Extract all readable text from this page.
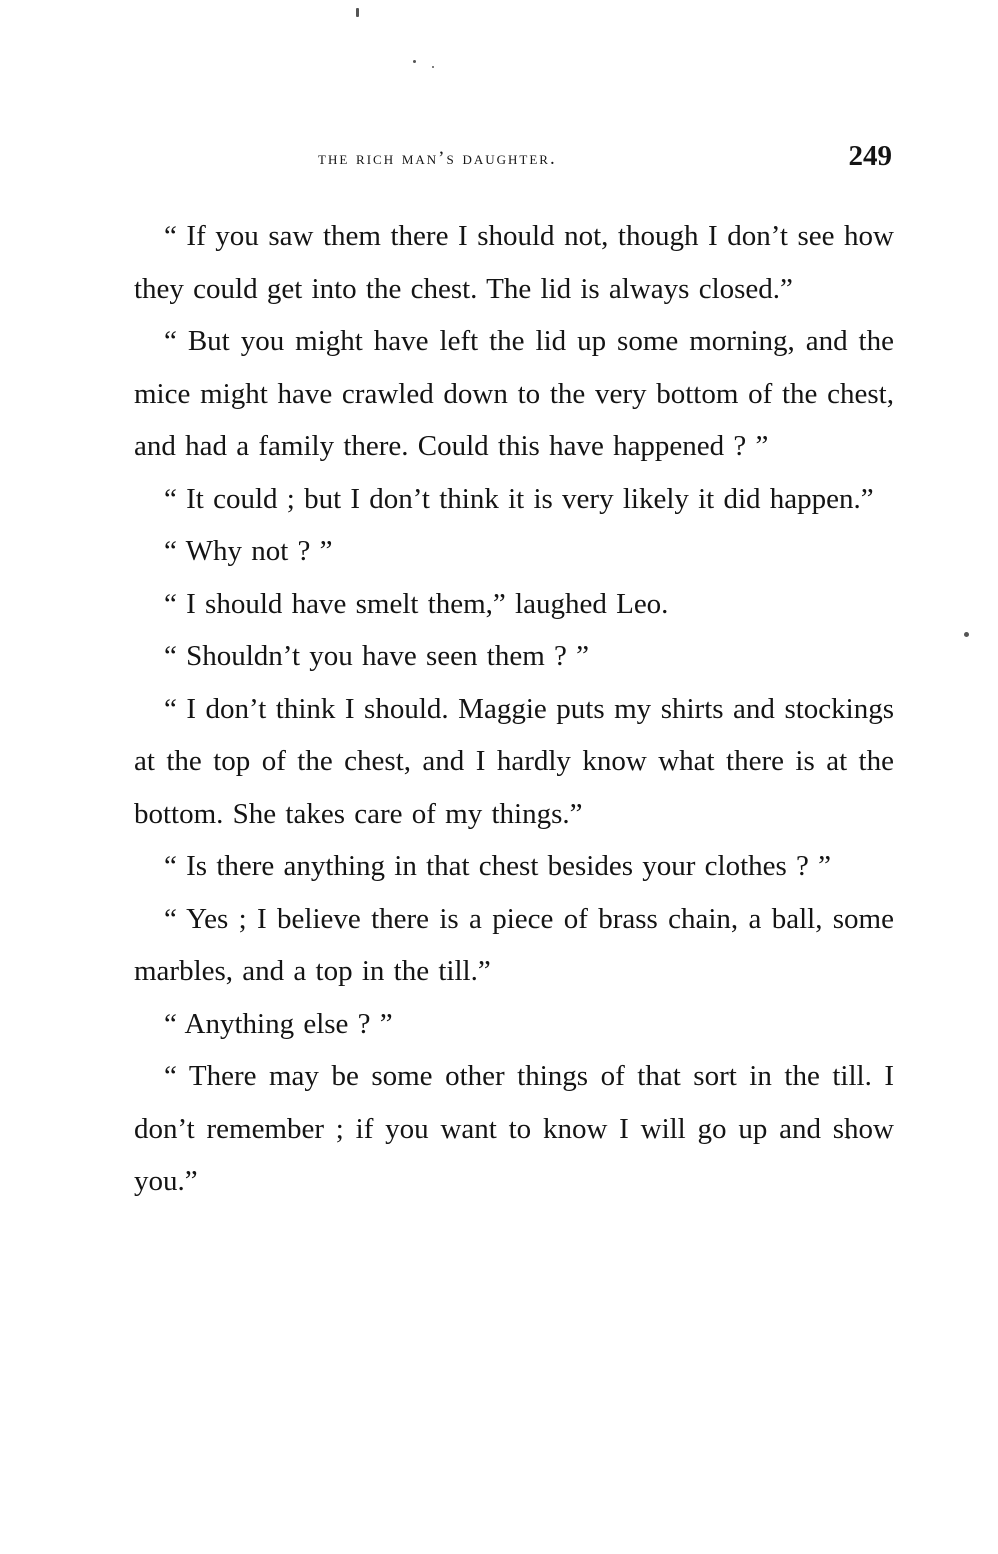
the rich man’s daughter.	249

“ If you saw them there I should not, though I don’t see how they could get into the chest. The lid is always closed.”

“ But you might have left the lid up some morning, and the mice might have crawled down to the very bottom of the chest, and had a family there. Could this have happened ? ”

“ It could ; but I don’t think it is very likely it did happen.”

“ Why not ? ”

“ I should have smelt them,” laughed Leo.

“ Shouldn’t you have seen them ? ”

“ I don’t think I should. Maggie puts my shirts and stockings at the top of the chest, and I hardly know what there is at the bottom. She takes care of my things.”

“ Is there anything in that chest besides your clothes ? ”

“ Yes ; I believe there is a piece of brass chain, a ball, some marbles, and a top in the till.”

“ Anything else ? ”

“ There may be some other things of that sort in the till. I don’t remember ; if you want to know I will go up and show you.”
